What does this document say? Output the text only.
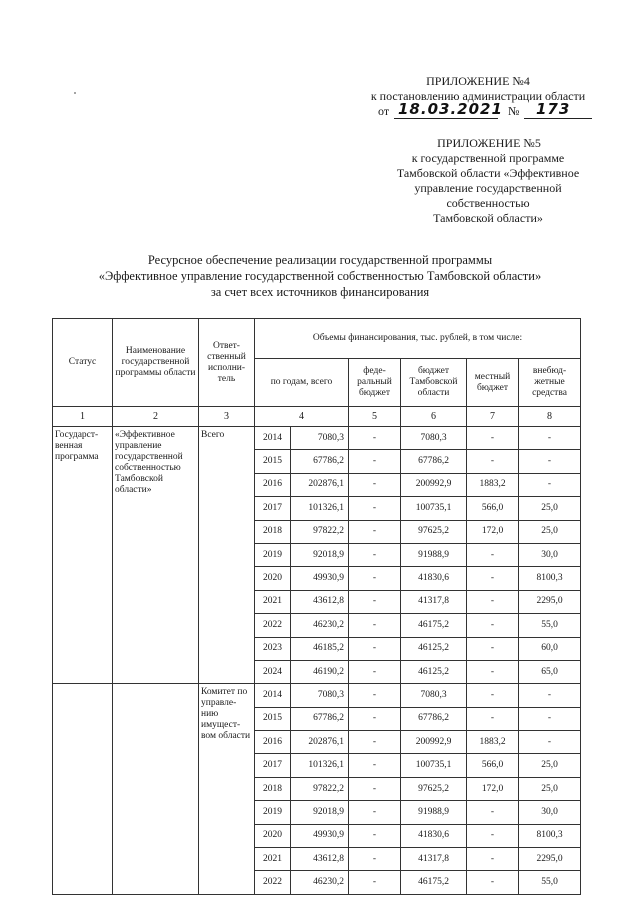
ПРИЛОЖЕНИЕ №4
к постановлению администрации области
от 18.03.2021 № 173
ПРИЛОЖЕНИЕ №5
к государственной программе
Тамбовской области «Эффективное
управление государственной
собственностью
Тамбовской области»
Ресурсное обеспечение реализации государственной программы
«Эффективное управление государственной собственностью Тамбовской области»
за счет всех источников финансирования
Статус	Наименование государственной программы области	Ответ-ственный исполни-тель	Объемы финансирования, тыс. рублей, в том числе:					
			по годам, всего		феде-ральный бюджет	бюджет Тамбовской области	местный бюджет	внебюд-жетные средства
1	2	3	4		5	6	7	8
Государст-венная программа	«Эффективное управление государственной собственностью Тамбовской области»	Всего	2014	7080,3	-	7080,3	-	-
			2015	67786,2	-	67786,2	-	-
			2016	202876,1	-	200992,9	1883,2	-
			2017	101326,1	-	100735,1	566,0	25,0
			2018	97822,2	-	97625,2	172,0	25,0
			2019	92018,9	-	91988,9	-	30,0
			2020	49930,9	-	41830,6	-	8100,3
			2021	43612,8	-	41317,8	-	2295,0
			2022	46230,2	-	46175,2	-	55,0
			2023	46185,2	-	46125,2	-	60,0
			2024	46190,2	-	46125,2	-	65,0
		Комитет по управле-нию имущест-вом области	2014	7080,3	-	7080,3	-	-
			2015	67786,2	-	67786,2	-	-
			2016	202876,1	-	200992,9	1883,2	-
			2017	101326,1	-	100735,1	566,0	25,0
			2018	97822,2	-	97625,2	172,0	25,0
			2019	92018,9	-	91988,9	-	30,0
			2020	49930,9	-	41830,6	-	8100,3
			2021	43612,8	-	41317,8	-	2295,0
			2022	46230,2	-	46175,2	-	55,0
